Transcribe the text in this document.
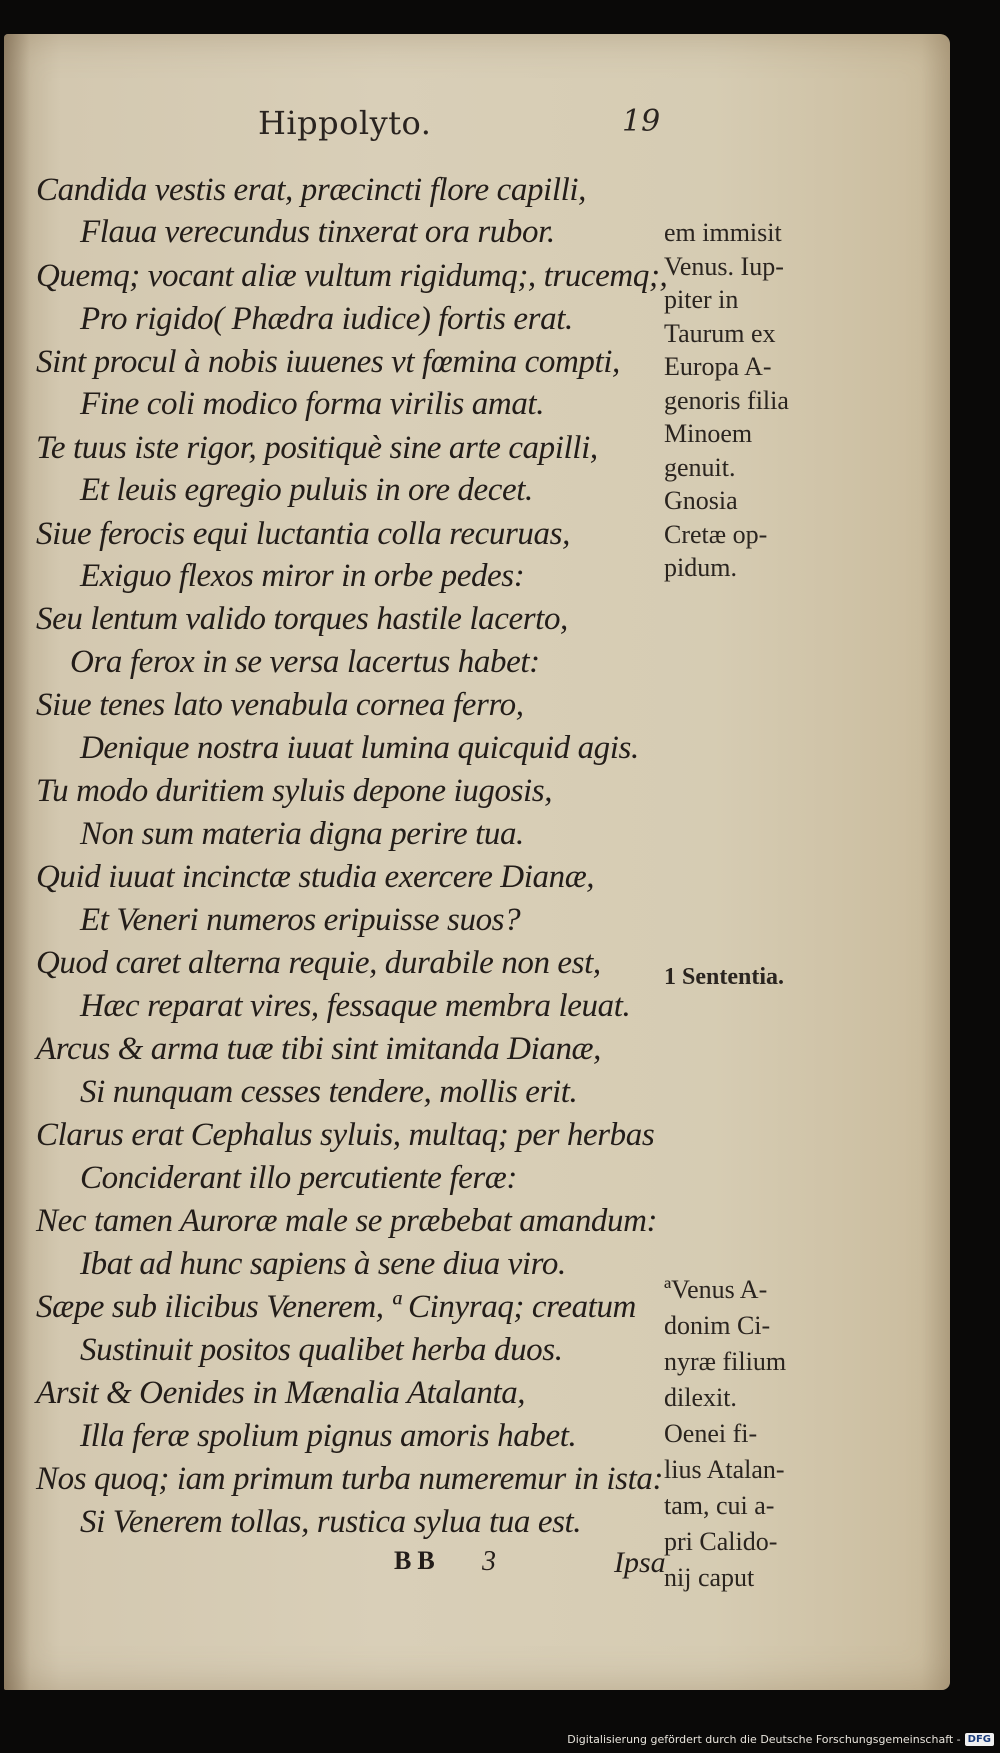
Hippolyto.	19
Candida vestis erat, præcincti flore capilli,
Flaua verecundus tinxerat ora rubor.
Quemq; vocant aliæ vultum rigidumq;, trucemq;,
Pro rigido( Phædra iudice) fortis erat.
Sint procul à nobis iuuenes vt fœmina compti,
Fine coli modico forma virilis amat.
Te tuus iste rigor, positiquè sine arte capilli,
Et leuis egregio puluis in ore decet.
Siue ferocis equi luctantia colla recuruas,
Exiguo flexos miror in orbe pedes:
Seu lentum valido torques hastile lacerto,
Ora ferox in se versa lacertus habet:
Siue tenes lato venabula cornea ferro,
Denique nostra iuuat lumina quicquid agis.
Tu modo duritiem syluis depone iugosis,
Non sum materia digna perire tua.
Quid iuuat incinctæ studia exercere Dianæ,
Et Veneri numeros eripuisse suos?
Quod caret alterna requie, durabile non est,
Hæc reparat vires, fessaque membra leuat.
Arcus & arma tuæ tibi sint imitanda Dianæ,
Si nunquam cesses tendere, mollis erit.
Clarus erat Cephalus syluis, multaq; per herbas
Conciderant illo percutiente feræ:
Nec tamen Auroræ male se præbebat amandum:
Ibat ad hunc sapiens à sene diua viro.
Sæpe sub ilicibus Venerem, ª Cinyraq; creatum
Sustinuit positos qualibet herba duos.
Arsit & Oenides in Mænalia Atalanta,
Illa feræ spolium pignus amoris habet.
Nos quoq; iam primum turba numeremur in ista:
Si Venerem tollas, rustica sylua tua est.
em immisit
Venus. Iup-
piter in
Taurum ex
Europa A-
genoris filia
Minoem
genuit.
Gnosia
Cretæ op-
pidum.
1 Sententia.
ªVenus A-
donim Ci-
nyræ filium
dilexit.
Oenei fi-
lius Atalan-
tam, cui a-
pri Calido-
nij caput
BB 3	Ipsa
Digitalisierung gefördert durch die Deutsche Forschungsgemeinschaft - DFG
